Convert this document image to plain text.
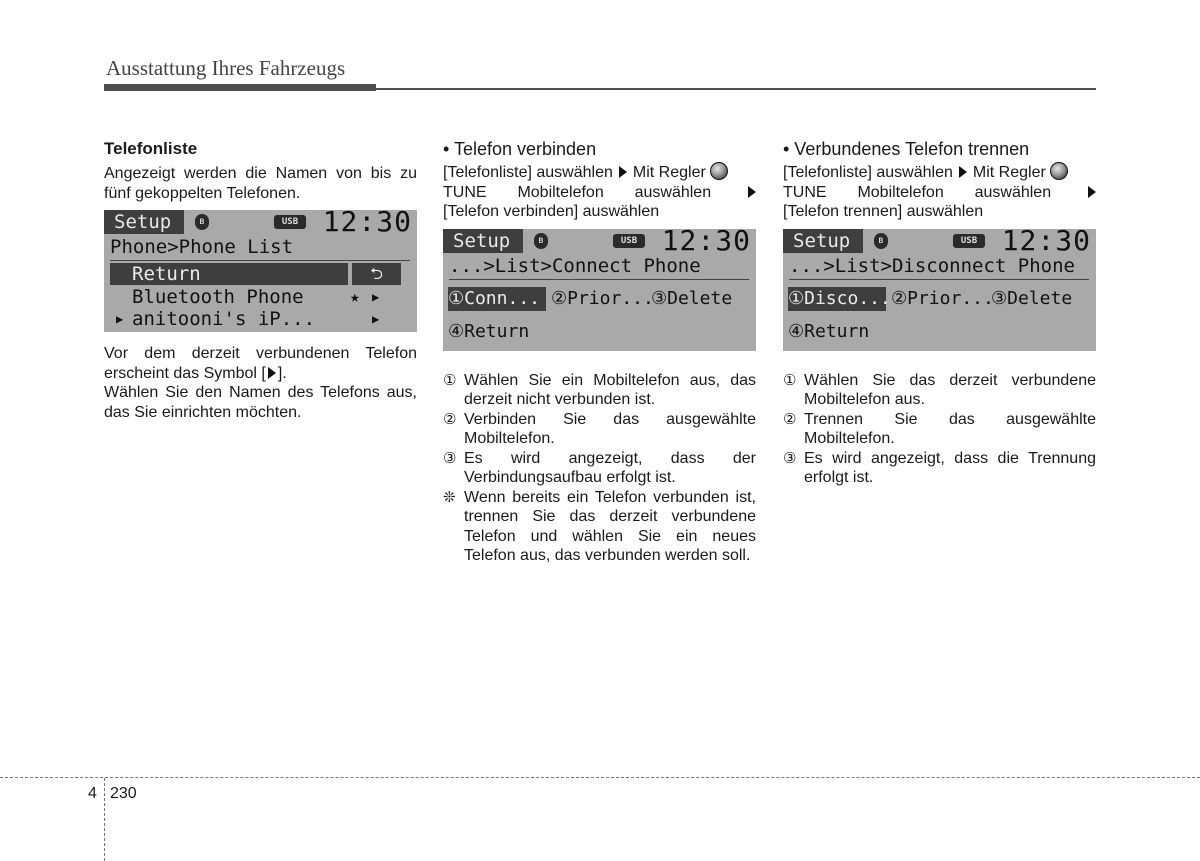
Ausstattung Ihres Fahrzeugs
Telefonliste
Angezeigt werden die Namen von bis zu fünf gekoppelten Telefonen.
Setup	ʙ	USB 12:30
Phone>Phone List
Return	⮌
Bluetooth Phone	★ ▶
▶ anitooni's iP...	▶
Vor dem derzeit verbundenen Telefon erscheint das Symbol [ ].
Wählen Sie den Namen des Telefons aus, das Sie einrichten möchten.
• Telefon verbinden
[Telefonliste] auswählen Mit Regler
TUNE Mobiltelefon auswählen
[Telefon verbinden] auswählen
Setup	ʙ	USB 12:30
...>List>Connect Phone
①Conn... ②Prior...
③Delete
④Return
① Wählen Sie ein Mobiltelefon aus, das derzeit nicht verbunden ist.
② Verbinden Sie das ausgewählte Mobiltelefon.
③ Es wird angezeigt, dass der Verbindungsaufbau erfolgt ist.
❊ Wenn bereits ein Telefon verbunden ist, trennen Sie das derzeit verbundene Telefon und wählen Sie ein neues Telefon aus, das verbunden werden soll.
• Verbundenes Telefon trennen
[Telefonliste] auswählen Mit Regler
TUNE Mobiltelefon auswählen
[Telefon trennen] auswählen
Setup	ʙ	USB 12:30
...>List>Disconnect Phone
①Disco... ②Prior...
③Delete
④Return
① Wählen Sie das derzeit verbundene Mobiltelefon aus.
② Trennen Sie das ausgewählte Mobiltelefon.
③ Es wird angezeigt, dass die Trennung erfolgt ist.
4 230
